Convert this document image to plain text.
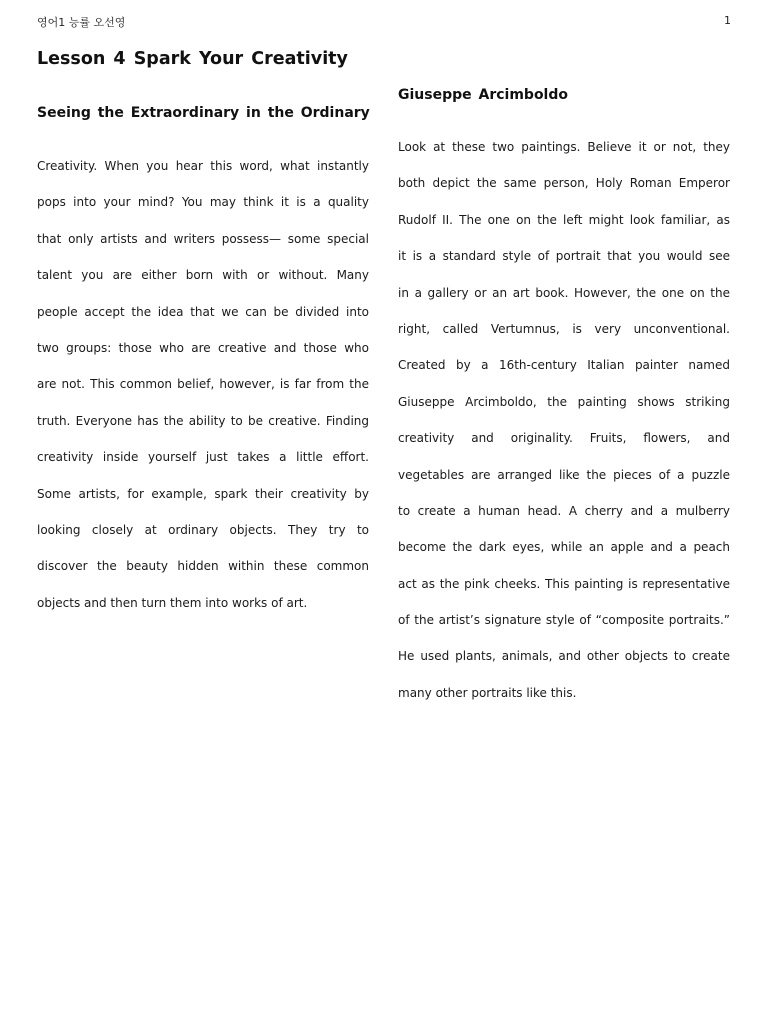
영어1 능률 오선영	1
Lesson 4 Spark Your Creativity
Seeing the Extraordinary in the Ordinary
Creativity. When you hear this word, what instantly
pops into your mind? You may think it is a quality
that only artists and writers possess— some special
talent you are either born with or without. Many
people accept the idea that we can be divided into
two groups: those who are creative and those who
are not. This common belief, however, is far from the
truth. Everyone has the ability to be creative. Finding
creativity inside yourself just takes a little effort.
Some artists, for example, spark their creativity by
looking closely at ordinary objects. They try to
discover the beauty hidden within these common
objects and then turn them into works of art.
Giuseppe Arcimboldo
Look at these two paintings. Believe it or not, they
both depict the same person, Holy Roman Emperor
Rudolf II. The one on the left might look familiar, as
it is a standard style of portrait that you would see
in a gallery or an art book. However, the one on the
right, called Vertumnus, is very unconventional.
Created by a 16th-century Italian painter named
Giuseppe Arcimboldo, the painting shows striking
creativity and originality. Fruits, flowers, and
vegetables are arranged like the pieces of a puzzle
to create a human head. A cherry and a mulberry
become the dark eyes, while an apple and a peach
act as the pink cheeks. This painting is representative
of the artist’s signature style of “composite portraits.”
He used plants, animals, and other objects to create
many other portraits like this.
